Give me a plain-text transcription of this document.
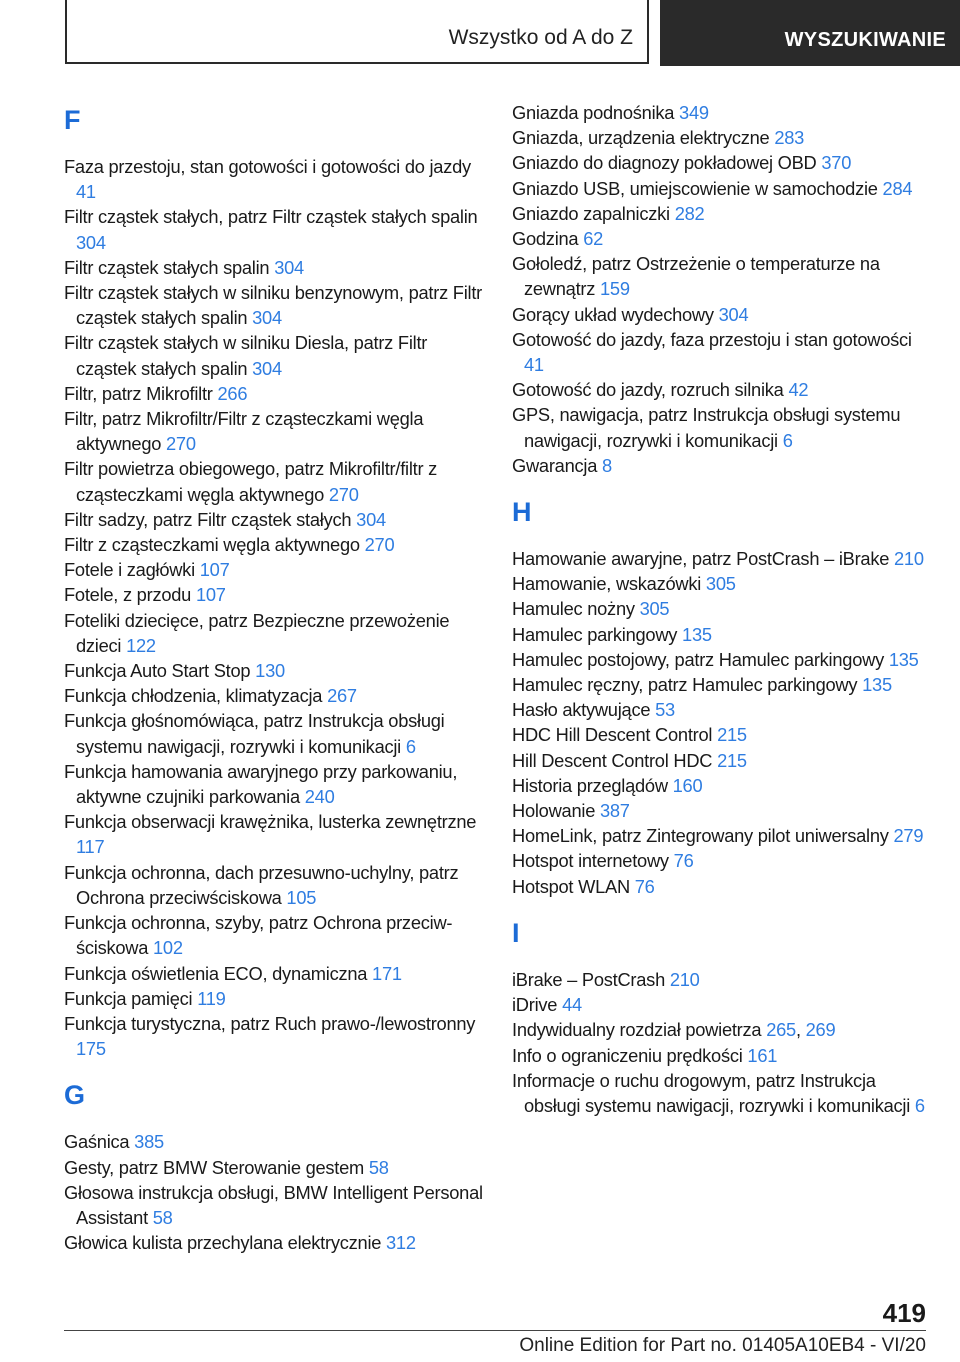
Wszystko od A do Z	WYSZUKIWANIE
F
Faza przestoju, stan gotowości i gotowości do jazdy 41
Filtr cząstek stałych, patrz Filtr cząstek stałych spalin 304
Filtr cząstek stałych spalin 304
Filtr cząstek stałych w silniku benzynowym, patrz Filtr cząstek stałych spalin 304
Filtr cząstek stałych w silniku Diesla, patrz Filtr cząstek stałych spalin 304
Filtr, patrz Mikrofiltr 266
Filtr, patrz Mikrofiltr/Filtr z cząsteczkami węgla aktywnego 270
Filtr powietrza obiegowego, patrz Mikrofiltr/filtr z cząsteczkami węgla aktywnego 270
Filtr sadzy, patrz Filtr cząstek stałych 304
Filtr z cząsteczkami węgla aktywnego 270
Fotele i zagłówki 107
Fotele, z przodu 107
Foteliki dziecięce, patrz Bezpieczne przewożenie dzieci 122
Funkcja Auto Start Stop 130
Funkcja chłodzenia, klimatyzacja 267
Funkcja głośnomówiąca, patrz Instrukcja obsługi systemu nawigacji, rozrywki i komunikacji 6
Funkcja hamowania awaryjnego przy parkowaniu, aktywne czujniki parkowania 240
Funkcja obserwacji krawężnika, lusterka zewnętrzne 117
Funkcja ochronna, dach przesuwno-uchylny, patrz Ochrona przeciwściskowa 105
Funkcja ochronna, szyby, patrz Ochrona przeciwściskowa 102
Funkcja oświetlenia ECO, dynamiczna 171
Funkcja pamięci 119
Funkcja turystyczna, patrz Ruch prawo-/lewostronny 175
G
Gaśnica 385
Gesty, patrz BMW Sterowanie gestem 58
Głosowa instrukcja obsługi, BMW Intelligent Personal Assistant 58
Głowica kulista przechylana elektrycznie 312
Gniazda podnośnika 349
Gniazda, urządzenia elektryczne 283
Gniazdo do diagnozy pokładowej OBD 370
Gniazdo USB, umiejscowienie w samochodzie 284
Gniazdo zapalniczki 282
Godzina 62
Gołoledź, patrz Ostrzeżenie o temperaturze na zewnątrz 159
Gorący układ wydechowy 304
Gotowość do jazdy, faza przestoju i stan gotowości 41
Gotowość do jazdy, rozruch silnika 42
GPS, nawigacja, patrz Instrukcja obsługi systemu nawigacji, rozrywki i komunikacji 6
Gwarancja 8
H
Hamowanie awaryjne, patrz PostCrash – iBrake 210
Hamowanie, wskazówki 305
Hamulec nożny 305
Hamulec parkingowy 135
Hamulec postojowy, patrz Hamulec parkingowy 135
Hamulec ręczny, patrz Hamulec parkingowy 135
Hasło aktywujące 53
HDC Hill Descent Control 215
Hill Descent Control HDC 215
Historia przeglądów 160
Holowanie 387
HomeLink, patrz Zintegrowany pilot uniwersalny 279
Hotspot internetowy 76
Hotspot WLAN 76
I
iBrake – PostCrash 210
iDrive 44
Indywidualny rozdział powietrza 265, 269
Info o ograniczeniu prędkości 161
Informacje o ruchu drogowym, patrz Instrukcja obsługi systemu nawigacji, rozrywki i komunikacji 6
419
Online Edition for Part no. 01405A10EB4 - VI/20
